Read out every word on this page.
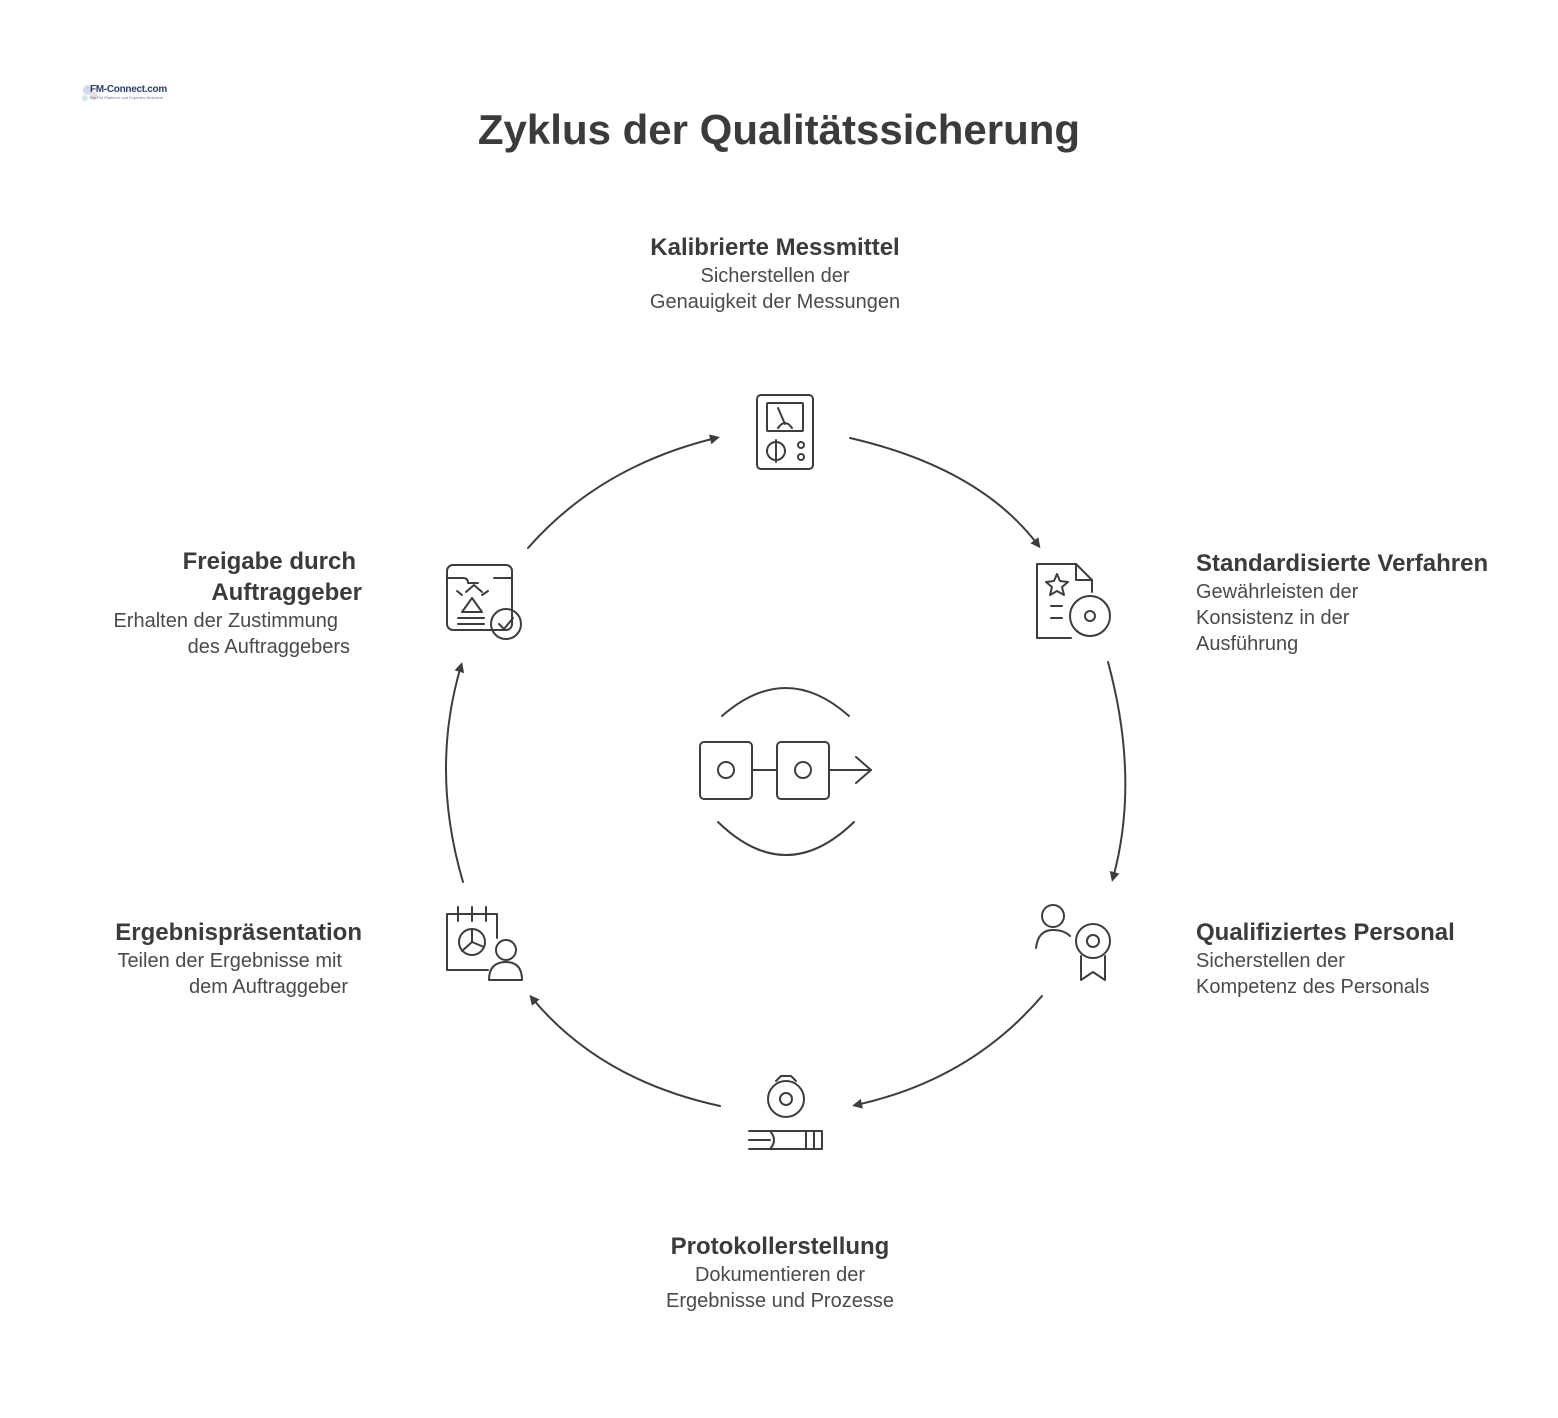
FM-Connect.com
Die FM-Plattform und Experten-Netzwerk
Zyklus der Qualitätssicherung
Kalibrierte Messmittel
Sicherstellen der
Genauigkeit der Messungen
Standardisierte Verfahren
Gewährleisten der
Konsistenz in der
Ausführung
Qualifiziertes Personal
Sicherstellen der
Kompetenz des Personals
Protokollerstellung
Dokumentieren der
Ergebnisse und Prozesse
Ergebnispräsentation
Teilen der Ergebnisse mit
dem Auftraggeber
Freigabe durch
Auftraggeber
Erhalten der Zustimmung
des Auftraggebers
